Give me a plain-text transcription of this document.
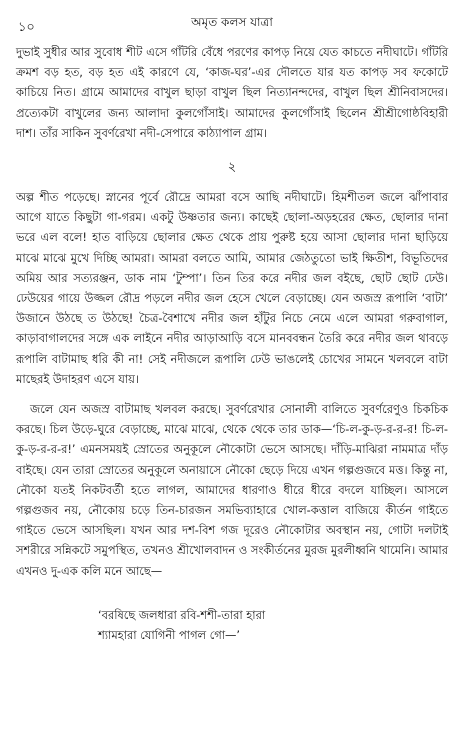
১০	অমৃত কলস যাত্রা

দুভাই সুধীর আর সুবোধ শীট এসে গাঁটরি বেঁধে পরণের কাপড় নিয়ে যেত কাচতে নদীঘাটে। গাঁটরি ক্রমশ বড় হত, বড় হত এই কারণে যে, ‘কাজ-ঘর’-এর দৌলতে যার যত কাপড় সব ফকোটে কাচিয়ে নিত। গ্রামে আমাদের বাখুল ছাড়া বাখুল ছিল নিত্যানন্দদের, বাখুল ছিল শ্রীনিবাসদের। প্রত্যেকটা বাখুলের জন্য আলাদা কুলগোঁসাই। আমাদের কুলগোঁসাই ছিলেন শ্রীশ্রীগোষ্ঠবিহারী দাশ। তাঁর সাকিন সুবর্ণরেখা নদী-সেপারে কাঠ্যাপাল গ্রাম।

২

অল্প শীত পড়েছে। স্নানের পূর্বে রৌদ্রে আমরা বসে আছি নদীঘাটে। হিমশীতল জলে ঝাঁপাবার আগে যাতে কিছুটা গা-গরম। একটু উষ্ণতার জন্য। কাছেই ছোলা-অড়হরের ক্ষেত, ছোলার দানা ভরে এল বলে! হাত বাড়িয়ে ছোলার ক্ষেত থেকে প্রায় পুরুষ্ট হয়ে আসা ছোলার দানা ছাড়িয়ে মাঝে মাঝে মুখে দিচ্ছি আমরা। আমরা বলতে আমি, আমার জেঠতুতো ভাই ক্ষিতীশ, বিভূতিদের অমিয় আর সত্যরঞ্জন, ডাক নাম ‘টুম্পা’। তিন তির করে নদীর জল বইছে, ছোট ছোট ঢেউ। ঢেউয়ের গায়ে উজ্জল রৌদ্র পড়লে নদীর জল হেসে খেলে বেড়াচ্ছে। যেন অজস্র রূপালি ‘বাটা’ উজানে উঠছে ত উঠছে! চৈত্র-বৈশাখে নদীর জল হাঁটুর নিচে নেমে এলে আমরা গরুবাগাল, কাড়াবাগালদের সঙ্গে এক লাইনে নদীর আড়াআড়ি বসে মানববন্ধন তৈরি করে নদীর জল থাবড়ে রূপালি বাটামাছ ধরি কী না! সেই নদীজলে রূপালি ঢেউ ভাঙলেই চোখের সামনে খলবলে বাটা মাছেরই উদাহরণ এসে যায়।

জলে যেন অজস্র বাটামাছ খলবল করছে। সুবর্ণরেখার সোনালী বালিতে সুবর্ণরেণুও চিকচিক করছে। চিল উড়ে-ঘুরে বেড়াচ্ছে, মাঝে মাঝে, থেকে থেকে তার ডাক—‘চি-ল-কু-ড়-র-র-র! চি-ল-কু-ড়-র-র-র!’ এমনসময়ই স্রোতের অনুকূলে নৌকোটা ভেসে আসছে। দাঁড়ি-মাঝিরা নামমাত্র দাঁড় বাইছে। যেন তারা স্রোতের অনুকূলে অনায়াসে নৌকো ছেড়ে দিয়ে এখন গল্পগুজবে মত্ত। কিন্তু না, নৌকো যতই নিকটবর্তী হতে লাগল, আমাদের ধারণাও ধীরে ধীরে বদলে যাচ্ছিল। আসলে গল্পগুজব নয়, নৌকোয় চড়ে তিন-চারজন সমভিব্যাহারে খোল-কত্তাল বাজিয়ে কীর্তন গাইতে গাইতে ভেসে আসছিল। যখন আর দশ-বিশ গজ দূরেও নৌকোটার অবস্থান নয়, গোটা দলটাই সশরীরে সন্নিকটে সমুপস্থিত, তখনও শ্রীখোলবাদন ও সংকীর্তনের মুরজ মুরলীধ্বনি থামেনি। আমার এখনও দু-এক কলি মনে আছে—

‘বরষিছে জলধারা রবি-শশী-তারা হারা
শ্যামহারা যোগিনী পাগল গো—’
